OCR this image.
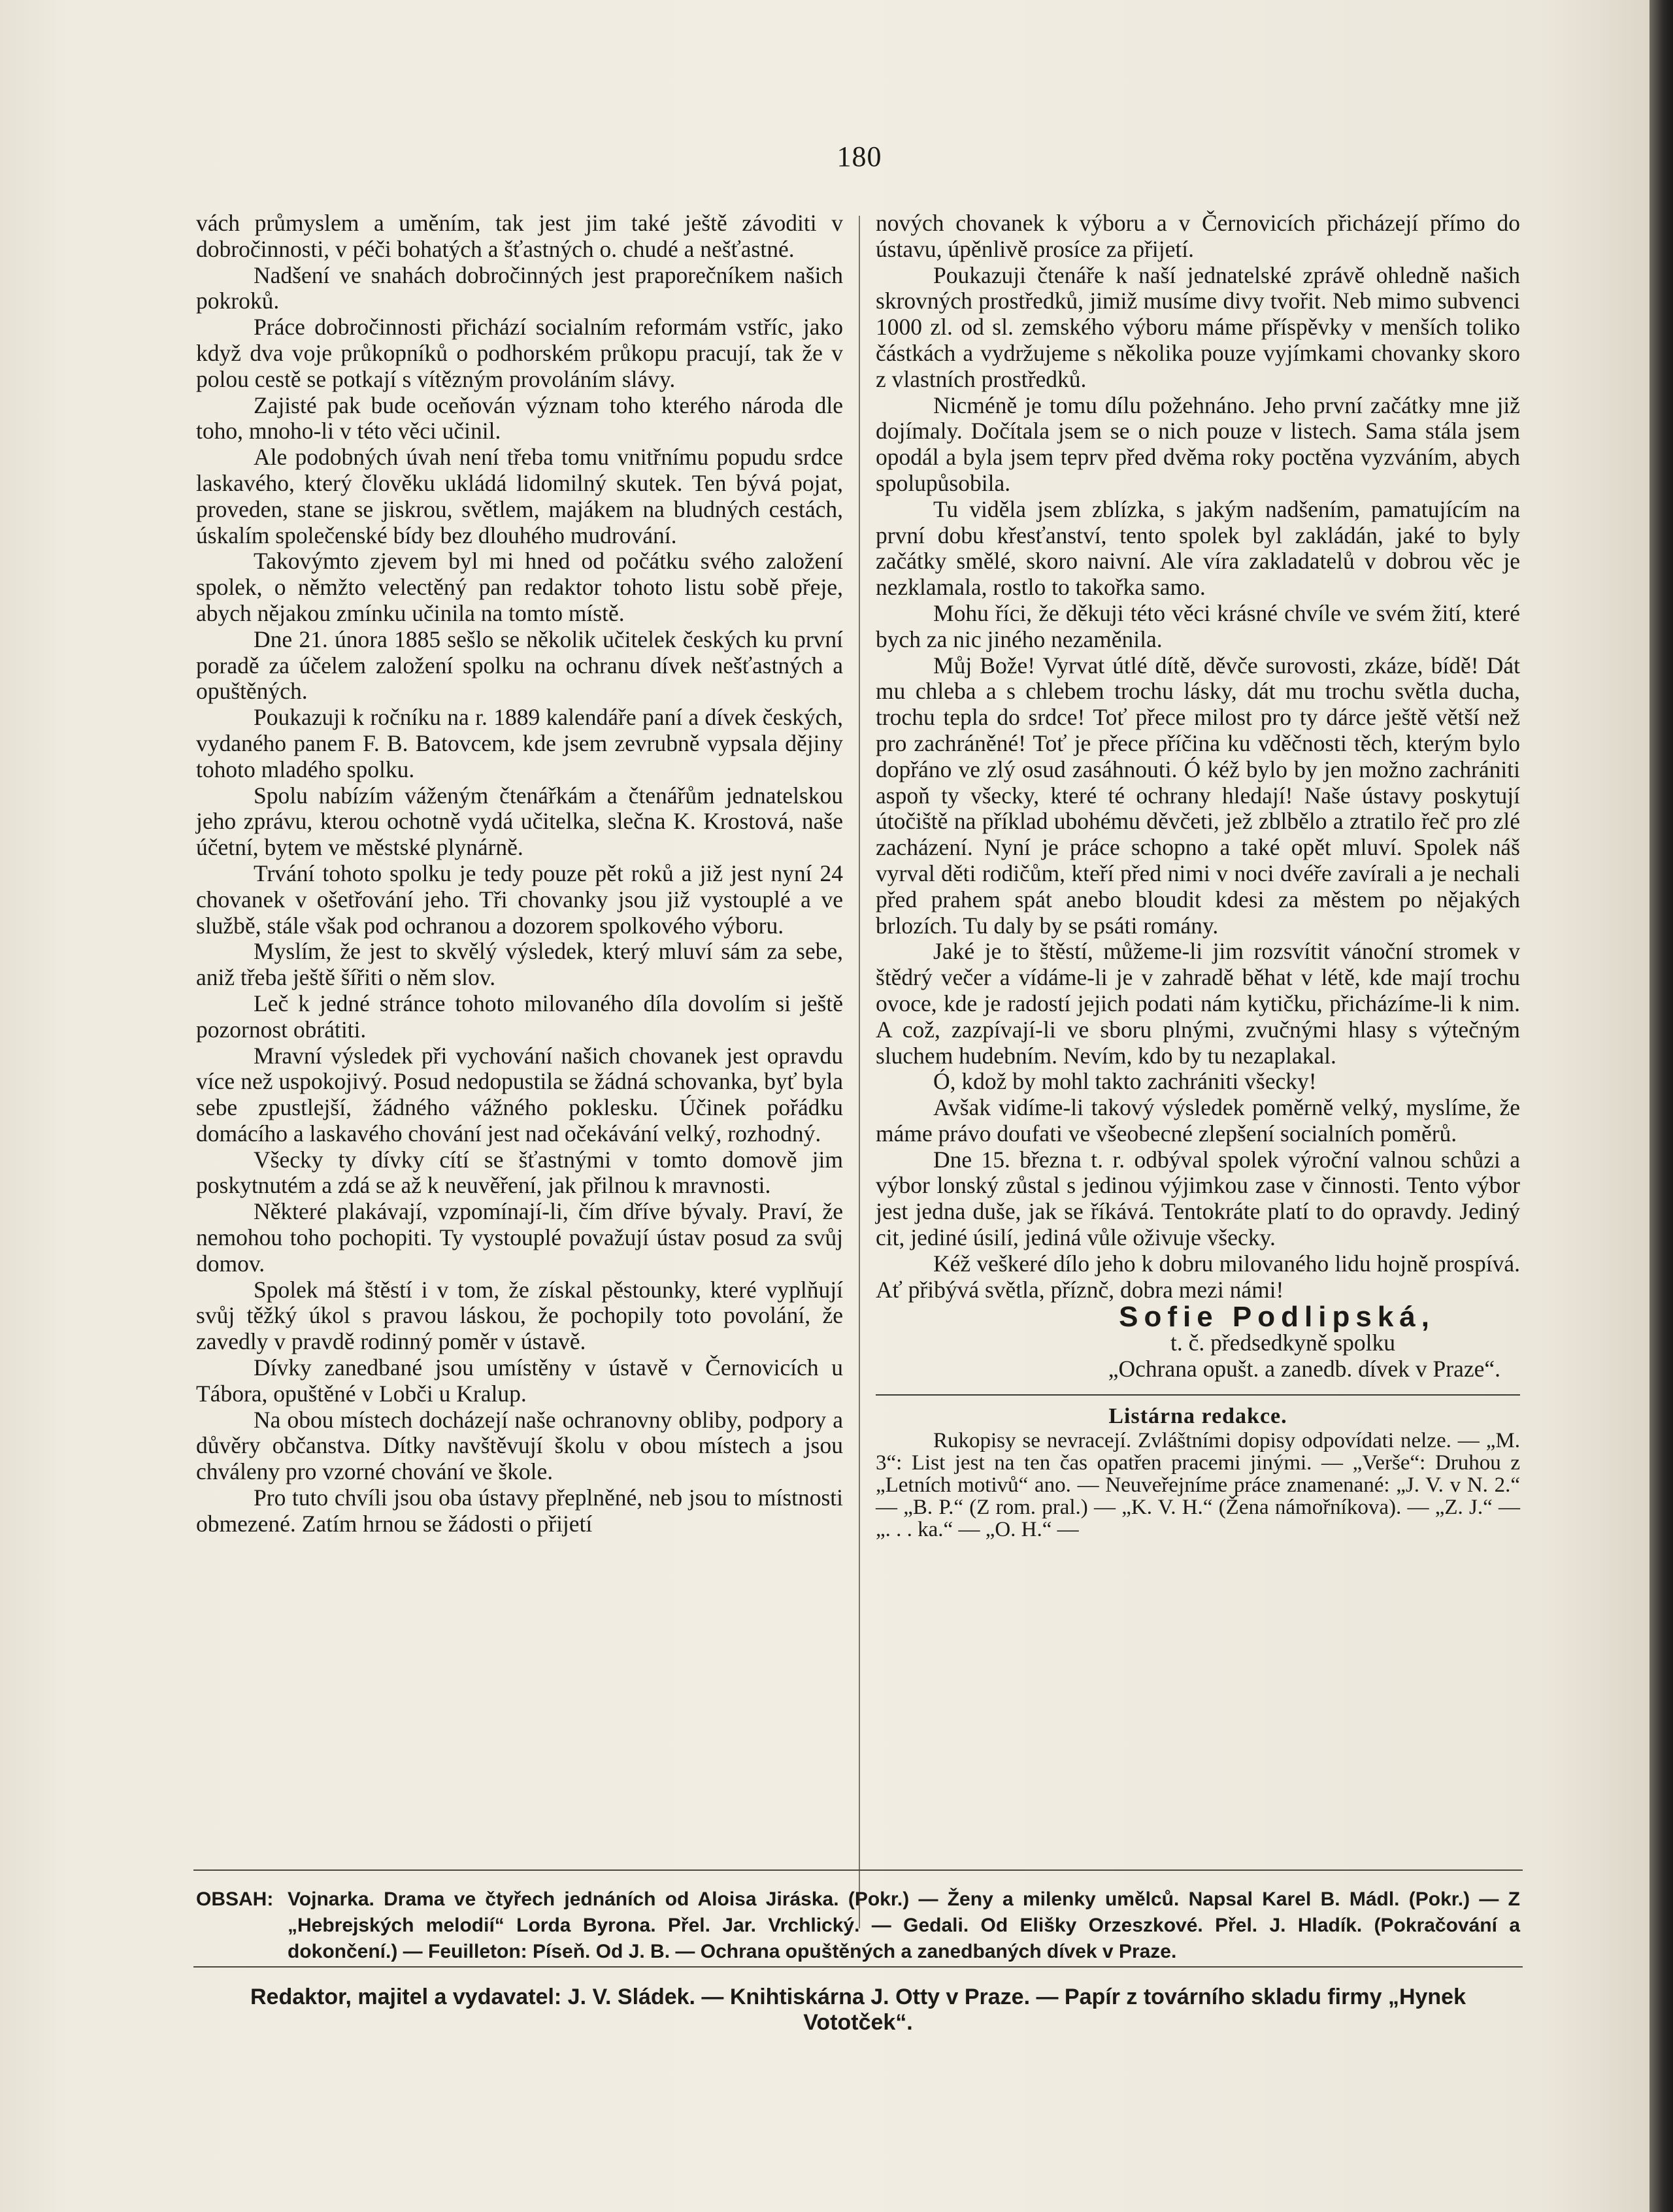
180

vách průmyslem a uměním, tak jest jim také ještě závoditi v dobročinnosti, v péči bohatých a šťastných o. chudé a nešťastné.

Nadšení ve snahách dobročinných jest praporečníkem našich pokroků.

Práce dobročinnosti přichází socialním reformám vstříc, jako když dva voje průkopníků o podhorském průkopu pracují, tak že v polou cestě se potkají s vítězným provoláním slávy.

Zajisté pak bude oceňován význam toho kterého národa dle toho, mnoho-li v této věci učinil.

Ale podobných úvah není třeba tomu vnitřnímu popudu srdce laskavého, který člověku ukládá lidomilný skutek. Ten bývá pojat, proveden, stane se jiskrou, světlem, majákem na bludných cestách, úskalím společenské bídy bez dlouhého mudrování.

Takovýmto zjevem byl mi hned od počátku svého založení spolek, o němžto velectěný pan redaktor tohoto listu sobě přeje, abych nějakou zmínku učinila na tomto místě.

Dne 21. února 1885 sešlo se několik učitelek českých ku první poradě za účelem založení spolku na ochranu dívek nešťastných a opuštěných.

Poukazuji k ročníku na r. 1889 kalendáře paní a dívek českých, vydaného panem F. B. Batovcem, kde jsem zevrubně vypsala dějiny tohoto mladého spolku.

Spolu nabízím váženým čtenářkám a čtenářům jednatelskou jeho zprávu, kterou ochotně vydá učitelka, slečna K. Krostová, naše účetní, bytem ve městské plynárně.

Trvání tohoto spolku je tedy pouze pět roků a již jest nyní 24 chovanek v ošetřování jeho. Tři chovanky jsou již vystouplé a ve službě, stále však pod ochranou a dozorem spolkového výboru.

Myslím, že jest to skvělý výsledek, který mluví sám za sebe, aniž třeba ještě šířiti o něm slov.

Leč k jedné stránce tohoto milovaného díla dovolím si ještě pozornost obrátiti.

Mravní výsledek při vychování našich chovanek jest opravdu více než uspokojivý. Posud nedopustila se žádná schovanka, byť byla sebe zpustlejší, žádného vážného poklesku. Účinek pořádku domácího a laskavého chování jest nad očekávání velký, rozhodný.

Všecky ty dívky cítí se šťastnými v tomto domově jim poskytnutém a zdá se až k neuvěření, jak přilnou k mravnosti.

Některé plakávají, vzpomínají-li, čím dříve bývaly. Praví, že nemohou toho pochopiti. Ty vystouplé považují ústav posud za svůj domov.

Spolek má štěstí i v tom, že získal pěstounky, které vyplňují svůj těžký úkol s pravou láskou, že pochopily toto povolání, že zavedly v pravdě rodinný poměr v ústavě.

Dívky zanedbané jsou umístěny v ústavě v Černovicích u Tábora, opuštěné v Lobči u Kralup.

Na obou místech docházejí naše ochranovny obliby, podpory a důvěry občanstva. Dítky navštěvují školu v obou místech a jsou chváleny pro vzorné chování ve škole.

Pro tuto chvíli jsou oba ústavy přeplněné, neb jsou to místnosti obmezené. Zatím hrnou se žádosti o přijetí

nových chovanek k výboru a v Černovicích přicházejí přímo do ústavu, úpěnlivě prosíce za přijetí.

Poukazuji čtenáře k naší jednatelské zprávě ohledně našich skrovných prostředků, jimiž musíme divy tvořit. Neb mimo subvenci 1000 zl. od sl. zemského výboru máme příspěvky v menších toliko částkách a vydržujeme s několika pouze vyjímkami chovanky skoro z vlastních prostředků.

Nicméně je tomu dílu požehnáno. Jeho první začátky mne již dojímaly. Dočítala jsem se o nich pouze v listech. Sama stála jsem opodál a byla jsem teprv před dvěma roky poctěna vyzváním, abych spolupůsobila.

Tu viděla jsem zblízka, s jakým nadšením, pamatujícím na první dobu křesťanství, tento spolek byl zakládán, jaké to byly začátky smělé, skoro naivní. Ale víra zakladatelů v dobrou věc je nezklamala, rostlo to takořka samo.

Mohu říci, že děkuji této věci krásné chvíle ve svém žití, které bych za nic jiného nezaměnila.

Můj Bože! Vyrvat útlé dítě, děvče surovosti, zkáze, bídě! Dát mu chleba a s chlebem trochu lásky, dát mu trochu světla ducha, trochu tepla do srdce! Toť přece milost pro ty dárce ještě větší než pro zachráněné! Toť je přece příčina ku vděčnosti těch, kterým bylo dopřáno ve zlý osud zasáhnouti. Ó kéž bylo by jen možno zachrániti aspoň ty všecky, které té ochrany hledají! Naše ústavy poskytují útočiště na příklad ubohému děvčeti, jež zblbělo a ztratilo řeč pro zlé zacházení. Nyní je práce schopno a také opět mluví. Spolek náš vyrval děti rodičům, kteří před nimi v noci dvéře zavírali a je nechali před prahem spát anebo bloudit kdesi za městem po nějakých brlozích. Tu daly by se psáti romány.

Jaké je to štěstí, můžeme-li jim rozsvítit vánoční stromek v štědrý večer a vídáme-li je v zahradě běhat v létě, kde mají trochu ovoce, kde je radostí jejich podati nám kytičku, přicházíme-li k nim. A což, zazpívají-li ve sboru plnými, zvučnými hlasy s výtečným sluchem hudebním. Nevím, kdo by tu nezaplakal.

Ó, kdož by mohl takto zachrániti všecky!

Avšak vidíme-li takový výsledek poměrně velký, myslíme, že máme právo doufati ve všeobecné zlepšení socialních poměrů.

Dne 15. března t. r. odbýval spolek výroční valnou schůzi a výbor lonský zůstal s jedinou výjimkou zase v činnosti. Tento výbor jest jedna duše, jak se říkává. Tentokráte platí to do opravdy. Jediný cit, jediné úsilí, jediná vůle oživuje všecky.

Kéž veškeré dílo jeho k dobru milovaného lidu hojně prospívá. Ať přibývá světla, příznč, dobra mezi námi!

Sofie Podlipská,

t. č. předsedkyně spolku

„Ochrana opušt. a zanedb. dívek v Praze“.

Listárna redakce.

Rukopisy se nevracejí. Zvláštními dopisy odpovídati nelze. — „M. 3“: List jest na ten čas opatřen pracemi jinými. — „Verše“: Druhou z „Letních motivů“ ano. — Neuveřejníme práce znamenané: „J. V. v N. 2.“ — „B. P.“ (Z rom. pral.) — „K. V. H.“ (Žena námořníkova). — „Z. J.“ — „. . . ka.“ — „O. H.“ —

OBSAH: Vojnarka. Drama ve čtyřech jednáních od Aloisa Jiráska. (Pokr.) — Ženy a milenky umělců. Napsal Karel B. Mádl. (Pokr.) — Z „Hebrejských melodií“ Lorda Byrona. Přel. Jar. Vrchlický. — Gedali. Od Elišky Orzeszkové. Přel. J. Hladík. (Pokračování a dokončení.) — Feuilleton: Píseň. Od J. B. — Ochrana opuštěných a zanedbaných dívek v Praze.
Redaktor, majitel a vydavatel: J. V. Sládek. — Knihtiskárna J. Otty v Praze. — Papír z továrního skladu firmy „Hynek Vototček“.
